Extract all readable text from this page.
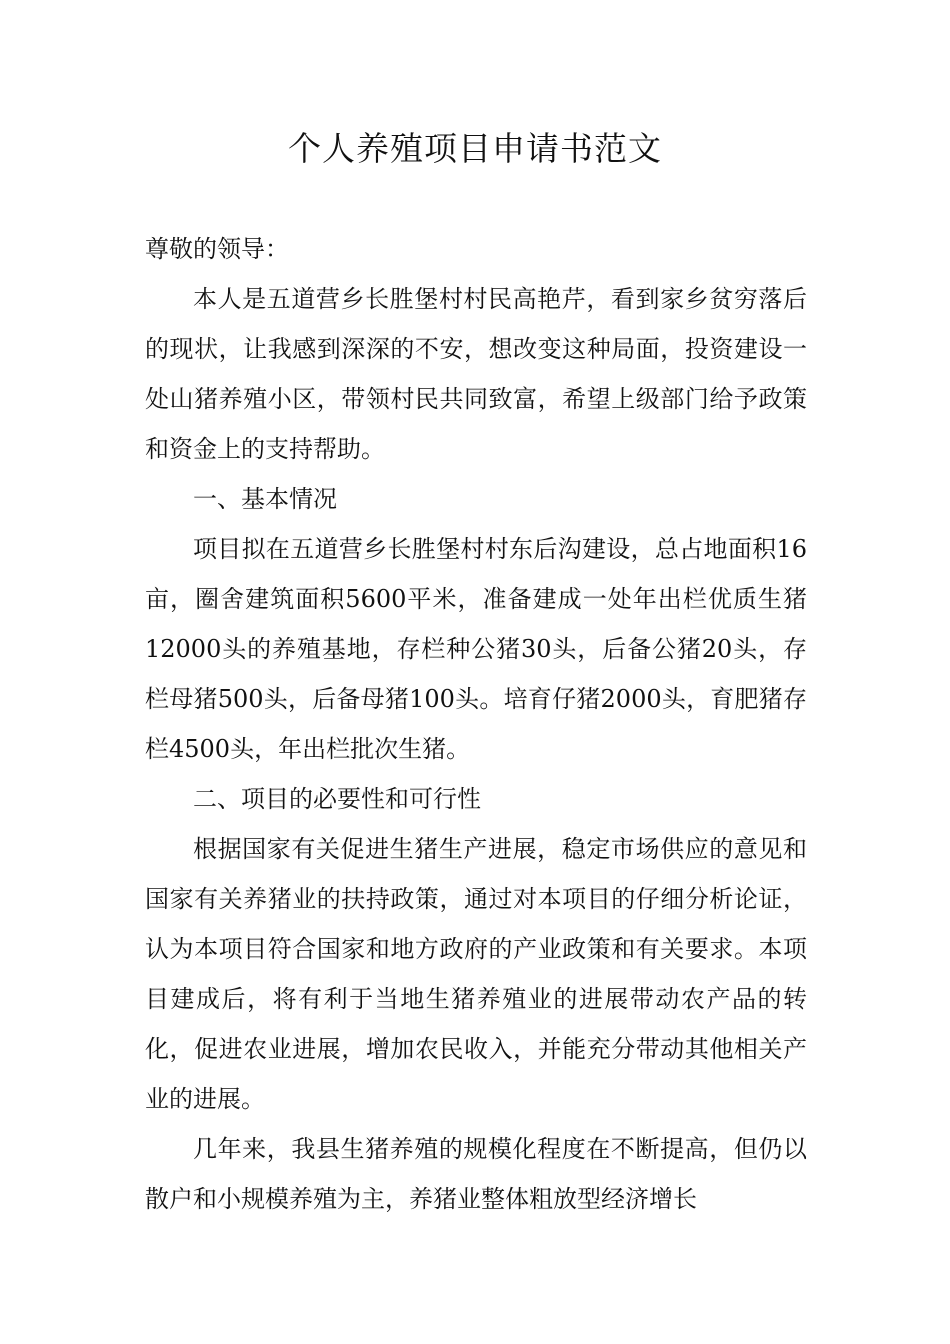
个人养殖项目申请书范文

尊敬的领导：

本人是五道营乡长胜堡村村民高艳芹，看到家乡贫穷落后的现状，让我感到深深的不安，想改变这种局面，投资建设一处山猪养殖小区，带领村民共同致富，希望上级部门给予政策和资金上的支持帮助。

一、基本情况

项目拟在五道营乡长胜堡村村东后沟建设，总占地面积16亩，圈舍建筑面积5600平米，准备建成一处年出栏优质生猪12000头的养殖基地，存栏种公猪30头，后备公猪20头，存栏母猪500头，后备母猪100头。培育仔猪2000头，育肥猪存栏4500头，年出栏批次生猪。

二、项目的必要性和可行性

根据国家有关促进生猪生产进展，稳定市场供应的意见和国家有关养猪业的扶持政策，通过对本项目的仔细分析论证，认为本项目符合国家和地方政府的产业政策和有关要求。本项目建成后，将有利于当地生猪养殖业的进展带动农产品的转化，促进农业进展，增加农民收入，并能充分带动其他相关产业的进展。

几年来，我县生猪养殖的规模化程度在不断提高，但仍以散户和小规模养殖为主，养猪业整体粗放型经济增长
